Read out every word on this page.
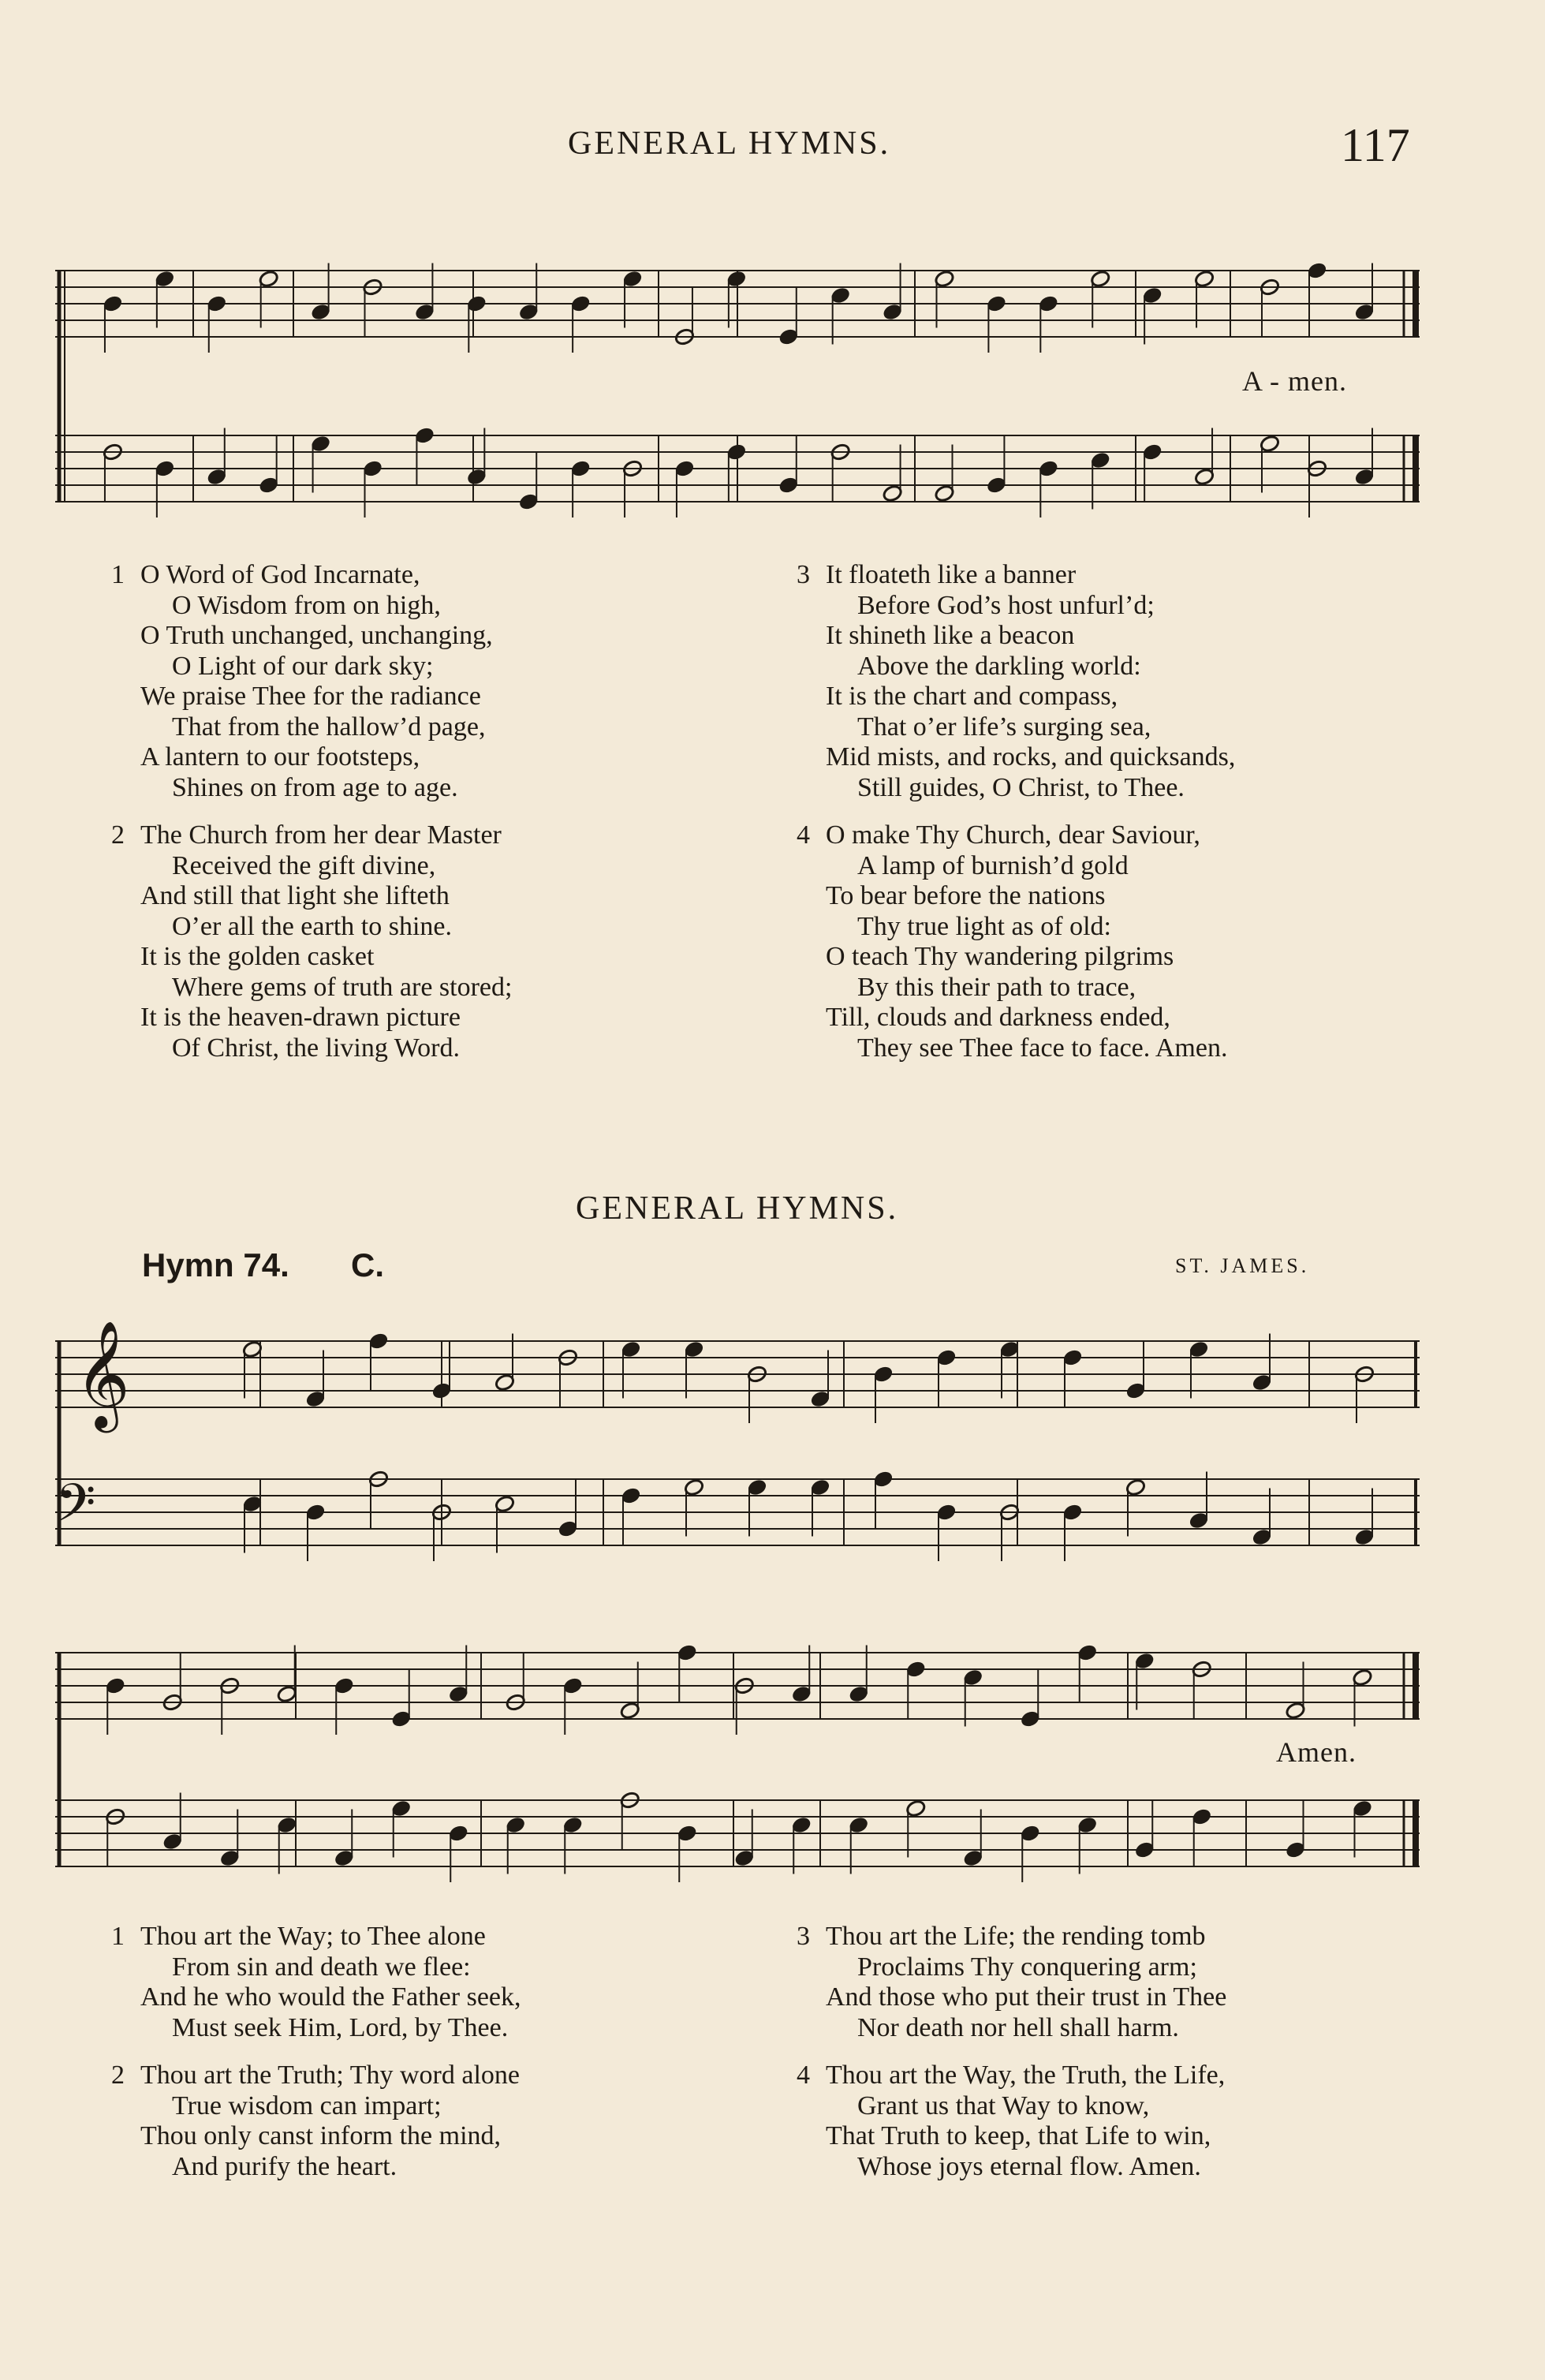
GENERAL HYMNS.	117
𝄞
𝄢
A - men.
1 O Word of God Incarnate,
O Wisdom from on high,
O Truth unchanged, unchanging,
O Light of our dark sky;
We praise Thee for the radiance
That from the hallow’d page,
A lantern to our footsteps,
Shines on from age to age.
2 The Church from her dear Master
Received the gift divine,
And still that light she lifteth
O’er all the earth to shine.
It is the golden casket
Where gems of truth are stored;
It is the heaven-drawn picture
Of Christ, the living Word.
3 It floateth like a banner
Before God’s host unfurl’d;
It shineth like a beacon
Above the darkling world:
It is the chart and compass,
That o’er life’s surging sea,
Mid mists, and rocks, and quicksands,
Still guides, O Christ, to Thee.
4 O make Thy Church, dear Saviour,
A lamp of burnish’d gold
To bear before the nations
Thy true light as of old:
O teach Thy wandering pilgrims
By this their path to trace,
Till, clouds and darkness ended,
They see Thee face to face. Amen.
GENERAL HYMNS.
Hymn 74. C.	ST. JAMES.
Amen.
1 Thou art the Way; to Thee alone
From sin and death we flee:
And he who would the Father seek,
Must seek Him, Lord, by Thee.
2 Thou art the Truth; Thy word alone
True wisdom can impart;
Thou only canst inform the mind,
And purify the heart.
3 Thou art the Life; the rending tomb
Proclaims Thy conquering arm;
And those who put their trust in Thee
Nor death nor hell shall harm.
4 Thou art the Way, the Truth, the Life,
Grant us that Way to know,
That Truth to keep, that Life to win,
Whose joys eternal flow. Amen.
